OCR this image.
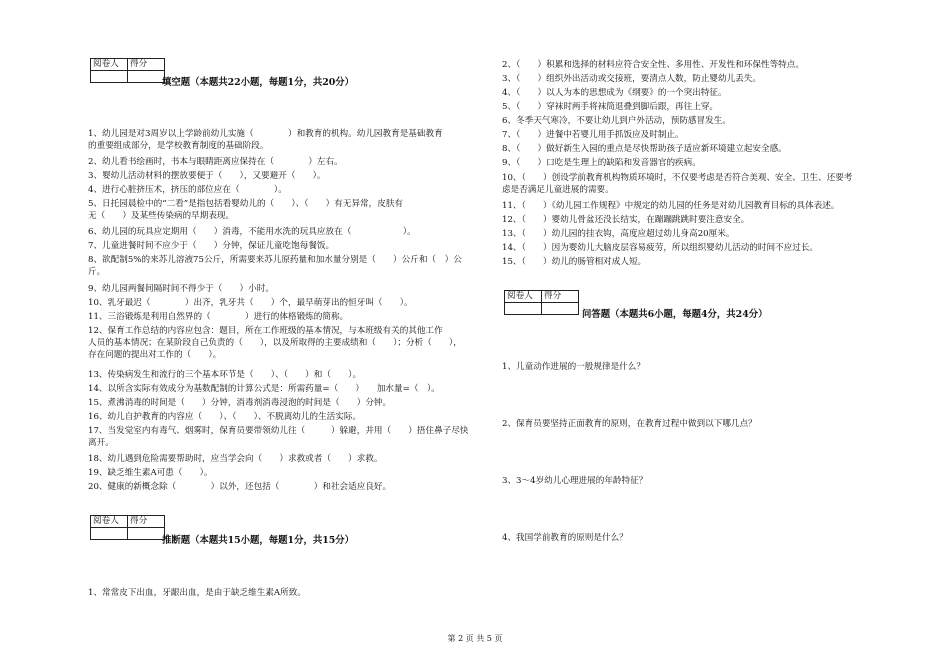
阅卷人	得分

填空题（本题共22小题，每题1分，共20分）
1、幼儿园是对3周岁以上学龄前幼儿实施（　　　　）和教育的机构。幼儿园教育是基础教育
的重要组成部分，是学校教育制度的基础阶段。
2、幼儿看书绘画时，书本与眼睛距离应保持在（　　　　）左右。
3、婴幼儿活动材料的摆放要便于（　　），又要避开（　　）。
4、进行心脏挤压术，挤压的部位应在（　　　　）。
5、日托园晨检中的“二看”是指包括看婴幼儿的（　　）、（　　）有无异常，皮肤有
无（　　）及某些传染病的早期表现。
6、幼儿园的玩具应定期用（　　）消毒，不能用水洗的玩具应放在（　　　　　　）。
7、儿童进餐时间不应少于（　　）分钟，保证儿童吃饱每餐饭。
8、欲配制5%的来苏儿溶液75公斤，所需要来苏儿原药量和加水量分别是（　　）公斤和（　）公
斤。
9、幼儿园两餐间隔时间不得少于（　　）小时。
10、乳牙最迟（　　　　）出齐，乳牙共（　　）个，最早萌芽出的恒牙叫（　　）。
11、三浴锻炼是利用自然界的（　　　　）进行的体格锻炼的简称。
12、保育工作总结的内容应包含：题目，所在工作班级的基本情况，与本班级有关的其他工作
人员的基本情况；在某阶段自己负责的（　　），以及所取得的主要成绩和（　　）；分析（　　），
存在问题的提出对工作的（　　）。
13、传染病发生和流行的三个基本环节是（　　）、（　　）和（　　）。
14、以所含实际有效成分为基数配制的计算公式是：所需药量=（　　）　　加水量=（　）。
15、煮沸消毒的时间是（　　）分钟，消毒剂消毒浸泡的时间是（　　）分钟。
16、幼儿自护教育的内容应（　　）、（　　）、不脱离幼儿的生活实际。
17、当发觉室内有毒气、烟雾时，保育员要带领幼儿往（　　　）躲避，并用（　　）捂住鼻子尽快
离开。
18、幼儿遇到危险需要帮助时，应当学会向（　　）求救或者（　　）求救。
19、缺乏维生素A可患（　　）。
20、健康的新概念除（　　　　）以外，还包括（　　　　）和社会适应良好。
阅卷人	得分

推断题（本题共15小题，每题1分，共15分）
1、常常皮下出血，牙龈出血，是由于缺乏维生素A所致。
2、（　　）积累和选择的材料应符合安全性、多用性、开发性和环保性等特点。
3、（　　）组织外出活动或交接班，要清点人数，防止婴幼儿丢失。
4、（　　）以人为本的思想成为《纲要》的一个突出特征。
5、（　　）穿袜时两手将袜筒退叠到脚后跟，再往上穿。
6、冬季天气寒冷，不要让幼儿到户外活动，预防感冒发生。
7、（　　）进餐中若婴儿用手抓饭应及时制止。
8、（　　）做好新生入园的重点是尽快帮助孩子适应新环境建立起安全感。
9、（　　）口吃是生理上的缺陷和发音器官的疾病。
10、（　　）创设学前教育机构物质环境时，不仅要考虑是否符合美观、安全、卫生、还要考
虑是否满足儿童进展的需要。
11、（　　）《幼儿园工作规程》中规定的幼儿园的任务是对幼儿园教育目标的具体表述。
12、（　　）婴幼儿骨盆还没长结实，在蹦蹦跳跳时要注意安全。
13、（　　）幼儿园的挂衣钩，高度应超过幼儿身高20厘米。
14、（　　）因为婴幼儿大脑皮层容易疲劳，所以组织婴幼儿活动的时间不应过长。
15、（　　）幼儿的肠管相对成人短。
阅卷人	得分

问答题（本题共6小题，每题4分，共24分）
1、儿童动作进展的一般规律是什么？
2、保育员要坚持正面教育的原则，在教育过程中做到以下哪几点？
3、3～4岁幼儿心理进展的年龄特征？
4、我国学前教育的原则是什么？
第 2 页 共 5 页
